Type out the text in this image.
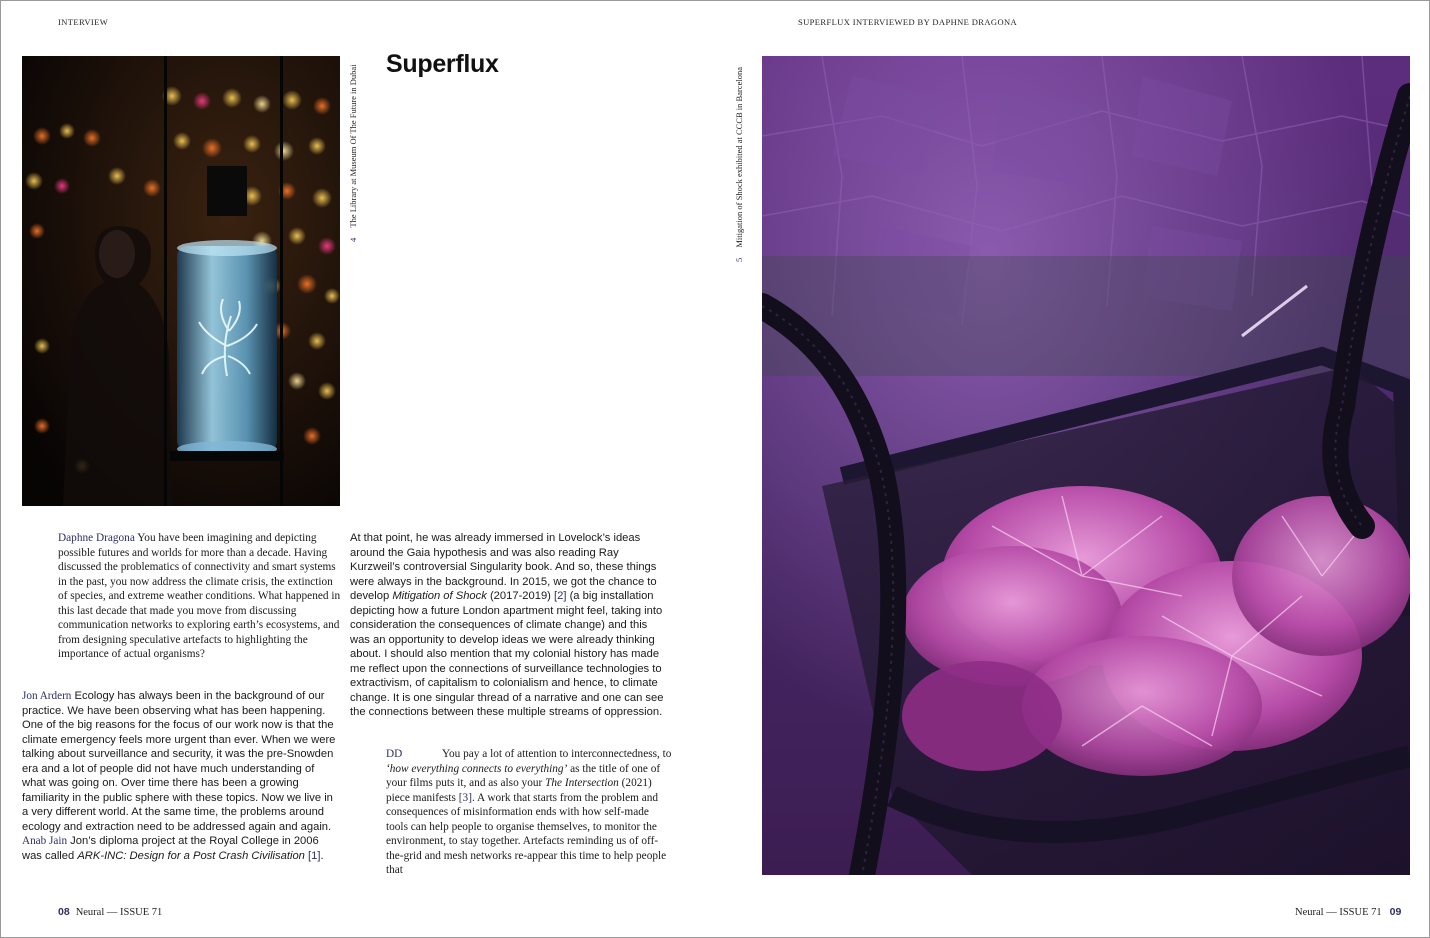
INTERVIEW	SUPERFLUX INTERVIEWED BY DAPHNE DRAGONA
4 The Library at Museum Of The Future in Dubai
Superflux
5 Mitigation of Shock exhibited at CCCB in Barcelona

Daphne Dragona You have been imagining and depicting possible futures and worlds for more than a decade. Having discussed the problematics of connectivity and smart systems in the past, you now address the climate crisis, the extinction of species, and extreme weather conditions. What happened in this last decade that made you move from discussing communication networks to exploring earth’s ecosystems, and from designing speculative artefacts to highlighting the importance of actual organisms?

Jon Ardern Ecology has always been in the background of our practice. We have been observing what has been happening. One of the big reasons for the focus of our work now is that the climate emergency feels more urgent than ever. When we were talking about surveillance and security, it was the pre-Snowden era and a lot of people did not have much understanding of what was going on. Over time there has been a growing familiarity in the public sphere with these topics. Now we live in a very different world. At the same time, the problems around ecology and extraction need to be addressed again and again.

Anab Jain Jon’s diploma project at the Royal College in 2006 was called ARK-INC: Design for a Post Crash Civilisation [1].

At that point, he was already immersed in Lovelock’s ideas around the Gaia hypothesis and was also reading Ray Kurzweil’s controversial Singularity book. And so, these things were always in the background. In 2015, we got the chance to develop Mitigation of Shock (2017-2019) [2] (a big installation depicting how a future London apartment might feel, taking into consideration the consequences of climate change) and this was an opportunity to develop ideas we were already thinking about. I should also mention that my colonial history has made me reflect upon the connections of surveillance technologies to extractivism, of capitalism to colonialism and hence, to climate change. It is one singular thread of a narrative and one can see the connections between these multiple streams of oppression.

DD	You pay a lot of attention to interconnectedness, to ‘how everything connects to everything’ as the title of one of your films puts it, and as also your The Intersection (2021) piece manifests [3]. A work that starts from the problem and consequences of misinformation ends with how self-made tools can help people to organise themselves, to monitor the environment, to stay together. Artefacts reminding us of off-the-grid and mesh networks re-appear this time to help people that

08 Neural — ISSUE 71	Neural — ISSUE 71 09
